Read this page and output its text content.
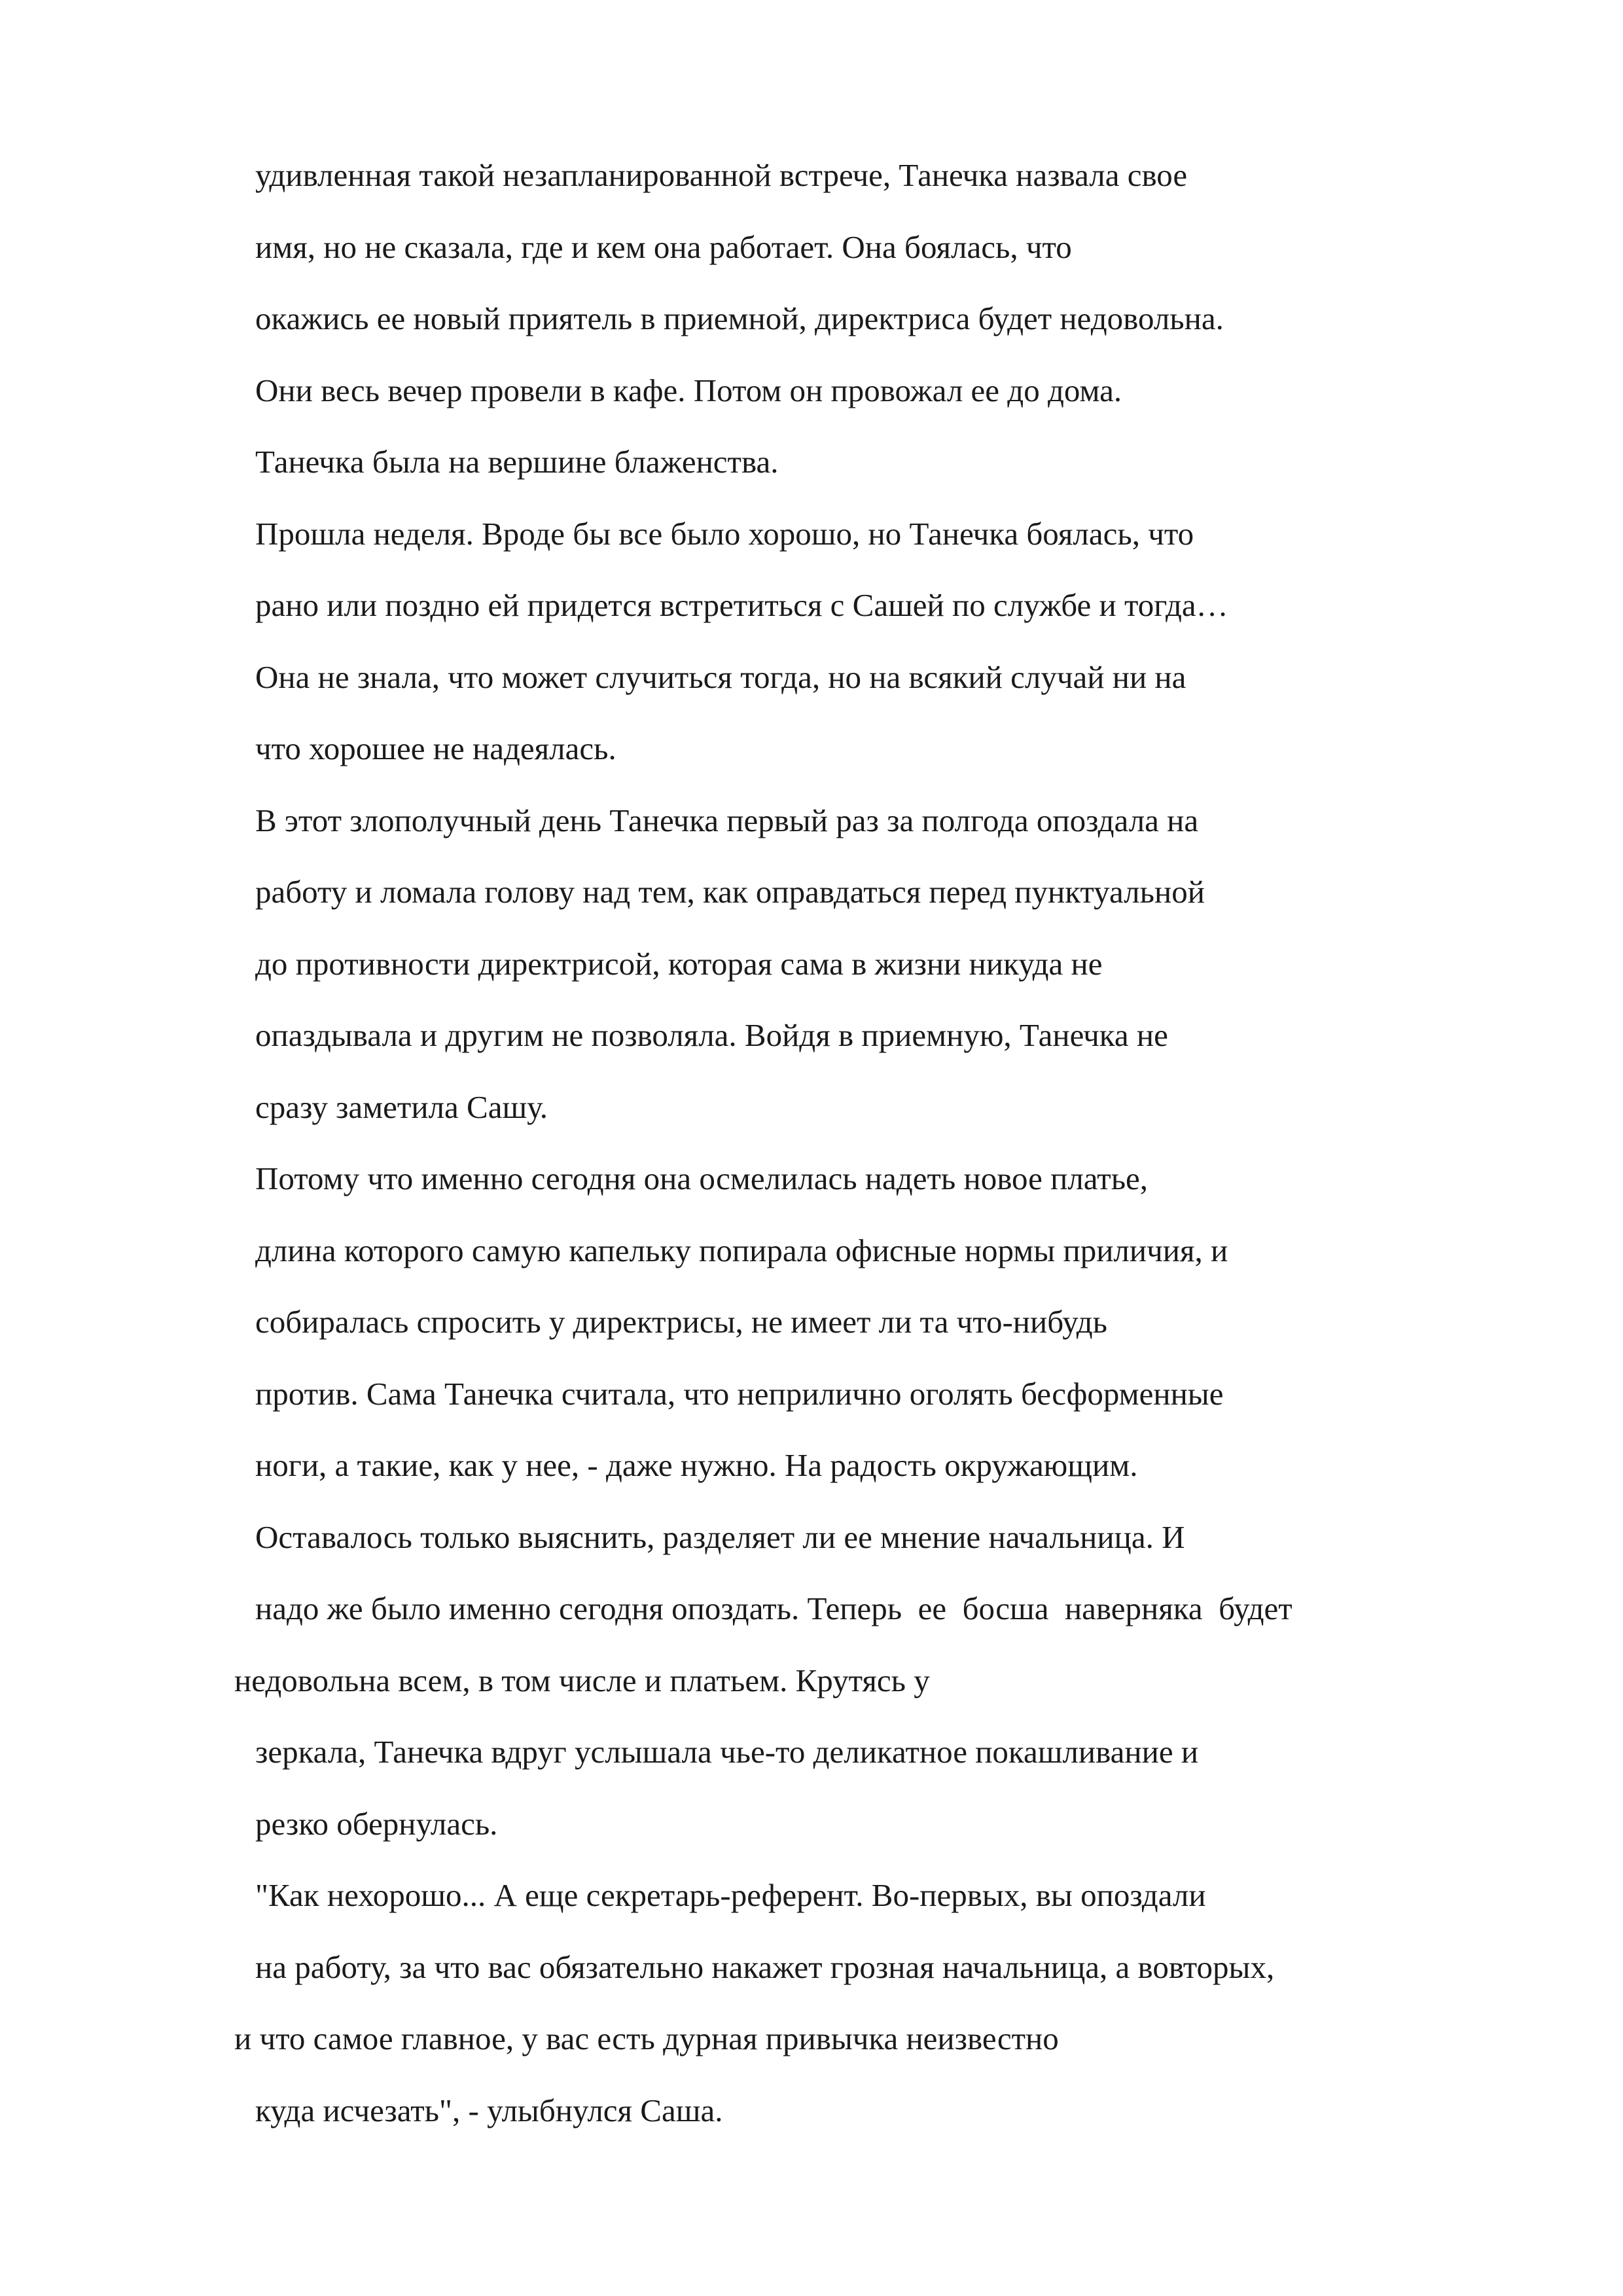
удивленная такой незапланированной встрече, Танечка назвала свое
имя, но не сказала, где и кем она работает. Она боялась, что
окажись ее новый приятель в приемной, директриса будет недовольна.
Они весь вечер провели в кафе. Потом он провожал ее до дома.
Танечка была на вершине блаженства.
Прошла неделя. Вроде бы все было хорошо, но Танечка боялась, что
рано или поздно ей придется встретиться с Сашей по службе и тогда…
Она не знала, что может случиться тогда, но на всякий случай ни на
что хорошее не надеялась.
В этот злополучный день Танечка первый раз за полгода опоздала на
работу и ломала голову над тем, как оправдаться перед пунктуальной
до противности директрисой, которая сама в жизни никуда не
опаздывала и другим не позволяла. Войдя в приемную, Танечка не
сразу заметила Сашу.
Потому что именно сегодня она осмелилась надеть новое платье,
длина которого самую капельку попирала офисные нормы приличия, и
собиралась спросить у директрисы, не имеет ли та что-нибудь
против. Сама Танечка считала, что неприлично оголять бесформенные
ноги, а такие, как у нее, - даже нужно. На радость окружающим.
Оставалось только выяснить, разделяет ли ее мнение начальница. И
надо же было именно сегодня опоздать. Теперь  ее  босша  наверняка  будет
недовольна всем, в том числе и платьем. Крутясь у
зеркала, Танечка вдруг услышала чье-то деликатное покашливание и
резко обернулась.
"Как нехорошо... А еще секретарь-референт. Во-первых, вы опоздали
на работу, за что вас обязательно накажет грозная начальница, а вовторых,
и что самое главное, у вас есть дурная привычка неизвестно
куда исчезать", - улыбнулся Саша.
